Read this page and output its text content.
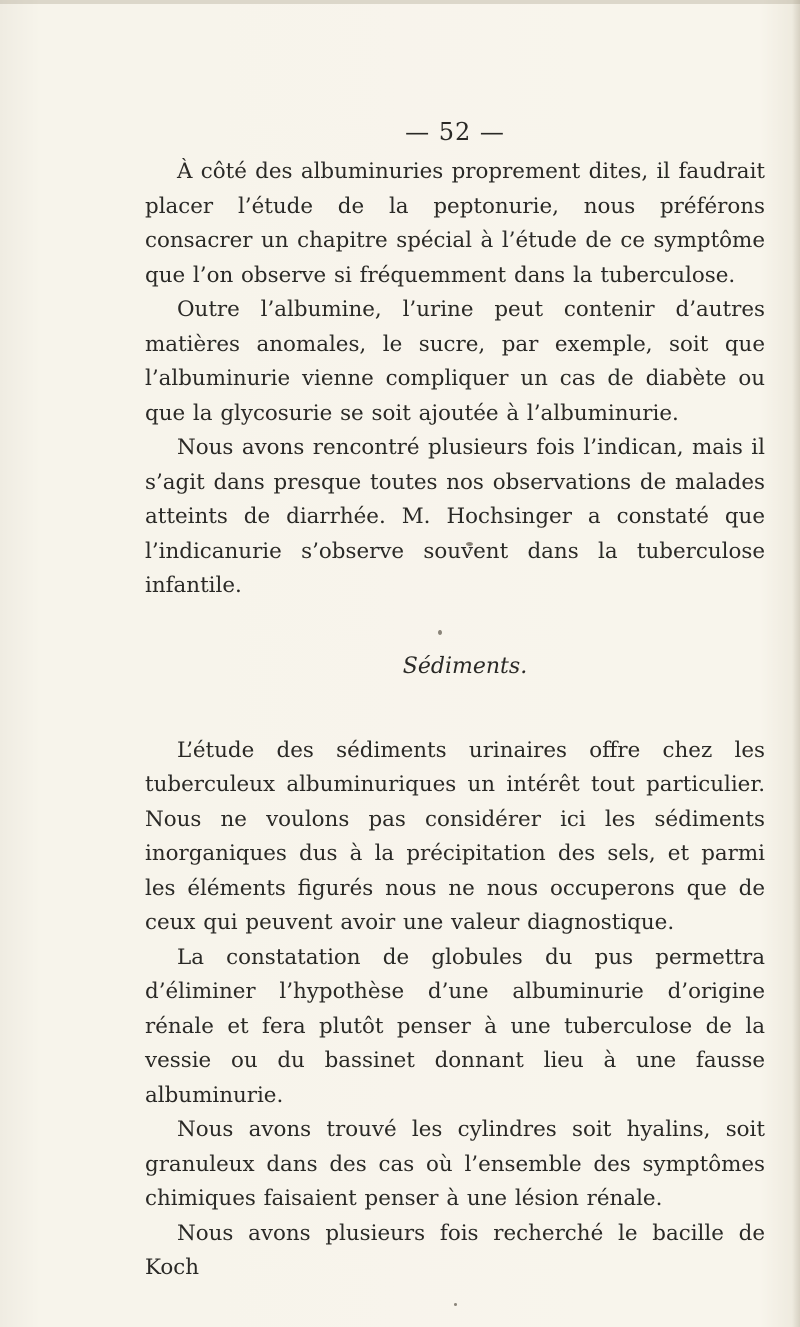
— 52 —

À côté des albuminuries proprement dites, il faudrait placer l’étude de la peptonurie, nous préférons consacrer un chapitre spécial à l’étude de ce symptôme que l’on observe si fréquemment dans la tuberculose.

Outre l’albumine, l’urine peut contenir d’autres matières anomales, le sucre, par exemple, soit que l’albuminurie vienne compliquer un cas de diabète ou que la glycosurie se soit ajoutée à l’albuminurie.

Nous avons rencontré plusieurs fois l’indican, mais il s’agit dans presque toutes nos observations de malades atteints de diarrhée. M. Hochsinger a constaté que l’indicanurie s’observe souvent dans la tuberculose infantile.

Sédiments.

L’étude des sédiments urinaires offre chez les tuberculeux albuminuriques un intérêt tout particulier. Nous ne voulons pas considérer ici les sédiments inorganiques dus à la précipitation des sels, et parmi les éléments figurés nous ne nous occuperons que de ceux qui peuvent avoir une valeur diagnostique.

La constatation de globules du pus permettra d’éliminer l’hypothèse d’une albuminurie d’origine rénale et fera plutôt penser à une tuberculose de la vessie ou du bassinet donnant lieu à une fausse albuminurie.

Nous avons trouvé les cylindres soit hyalins, soit granuleux dans des cas où l’ensemble des symptômes chimiques faisaient penser à une lésion rénale.

Nous avons plusieurs fois recherché le bacille de Koch
